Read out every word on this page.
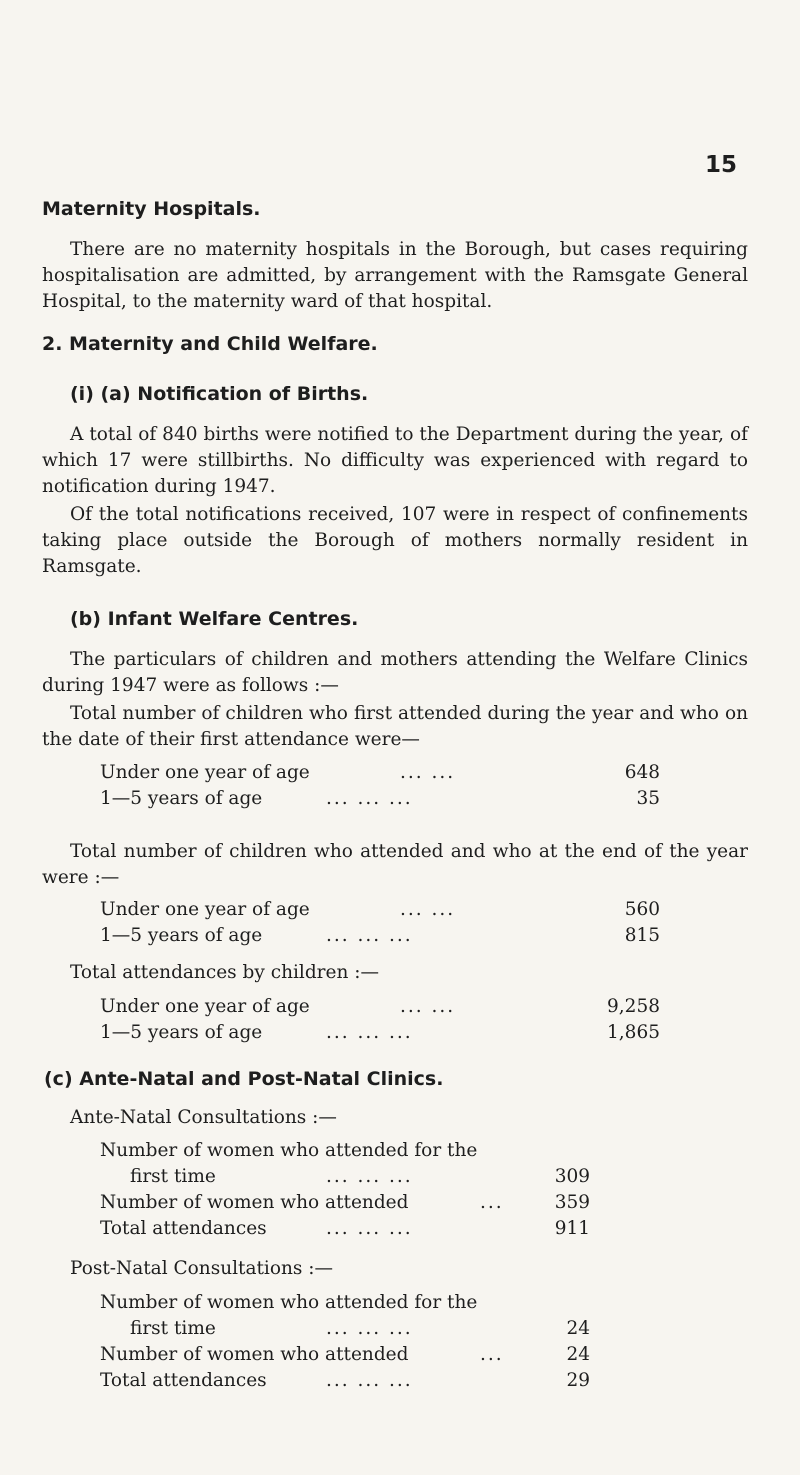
15
Maternity Hospitals.
There are no maternity hospitals in the Borough, but cases requiring hospitalisation are admitted, by arrangement with the Ramsgate General Hospital, to the maternity ward of that hospital.
2. Maternity and Child Welfare.
(i) (a) Notification of Births.
A total of 840 births were notified to the Department during the year, of which 17 were stillbirths. No difficulty was experienced with regard to notification during 1947.
Of the total notifications received, 107 were in respect of confinements taking place outside the Borough of mothers normally resident in Ramsgate.
(b) Infant Welfare Centres.
The particulars of children and mothers attending the Welfare Clinics during 1947 were as follows :—
Total number of children who first attended during the year and who on the date of their first attendance were—
Under one year of age	... ...	648
1—5 years of age	... ... ...	35
Total number of children who attended and who at the end of the year were :—
Under one year of age	... ...	560
1—5 years of age	... ... ...	815
Total attendances by children :—
Under one year of age	... ...	9,258
1—5 years of age	... ... ...	1,865
(c) Ante-Natal and Post-Natal Clinics.
Ante-Natal Consultations :—
Number of women who attended for the
first time	... ... ...	309
Number of women who attended	...	359
Total attendances	... ... ...	911
Post-Natal Consultations :—
Number of women who attended for the
first time	... ... ...	24
Number of women who attended	...	24
Total attendances	... ... ...	29
